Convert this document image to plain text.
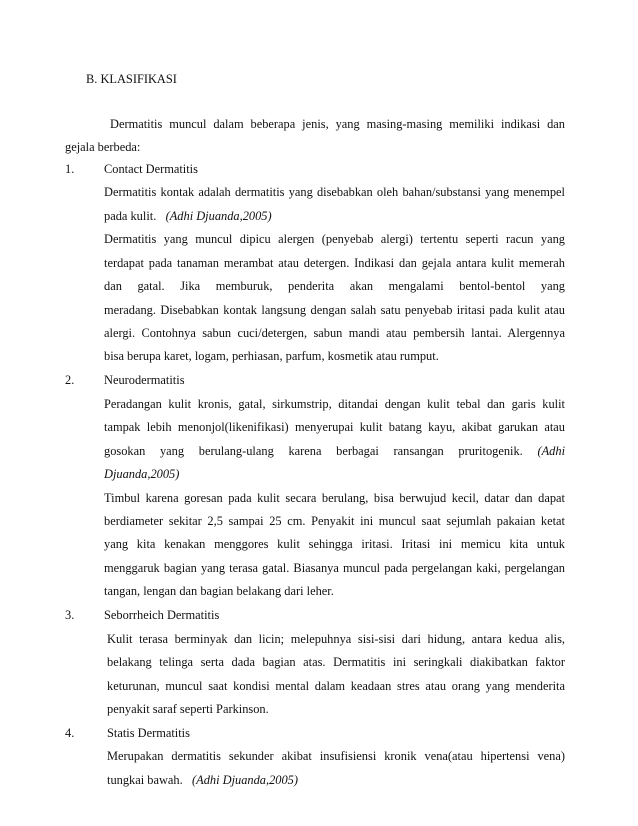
B. KLASIFIKASI
Dermatitis muncul dalam beberapa jenis, yang masing-masing memiliki indikasi dan
gejala berbeda:
1. Contact Dermatitis
Dermatitis kontak adalah dermatitis yang disebabkan oleh bahan/substansi yang menempel
pada kulit. (Adhi Djuanda,2005)
Dermatitis yang muncul dipicu alergen (penyebab alergi) tertentu seperti racun yang
terdapat pada tanaman merambat atau detergen. Indikasi dan gejala antara kulit memerah
dan gatal. Jika memburuk, penderita akan mengalami bentol-bentol yang
meradang. Disebabkan kontak langsung dengan salah satu penyebab iritasi pada kulit atau
alergi. Contohnya sabun cuci/detergen, sabun mandi atau pembersih lantai. Alergennya
bisa berupa karet, logam, perhiasan, parfum, kosmetik atau rumput.
2. Neurodermatitis
Peradangan kulit kronis, gatal, sirkumstrip, ditandai dengan kulit tebal dan garis kulit
tampak lebih menonjol(likenifikasi) menyerupai kulit batang kayu, akibat garukan atau
gosokan yang berulang-ulang karena berbagai ransangan pruritogenik. (Adhi
Djuanda,2005)
Timbul karena goresan pada kulit secara berulang, bisa berwujud kecil, datar dan dapat
berdiameter sekitar 2,5 sampai 25 cm. Penyakit ini muncul saat sejumlah pakaian ketat
yang kita kenakan menggores kulit sehingga iritasi. Iritasi ini memicu kita untuk
menggaruk bagian yang terasa gatal. Biasanya muncul pada pergelangan kaki, pergelangan
tangan, lengan dan bagian belakang dari leher.
3. Seborrheich Dermatitis
Kulit terasa berminyak dan licin; melepuhnya sisi-sisi dari hidung, antara kedua alis,
belakang telinga serta dada bagian atas. Dermatitis ini seringkali diakibatkan faktor
keturunan, muncul saat kondisi mental dalam keadaan stres atau orang yang menderita
penyakit saraf seperti Parkinson.
4.	Statis Dermatitis
Merupakan dermatitis sekunder akibat insufisiensi kronik vena(atau hipertensi vena)
tungkai bawah. (Adhi Djuanda,2005)
